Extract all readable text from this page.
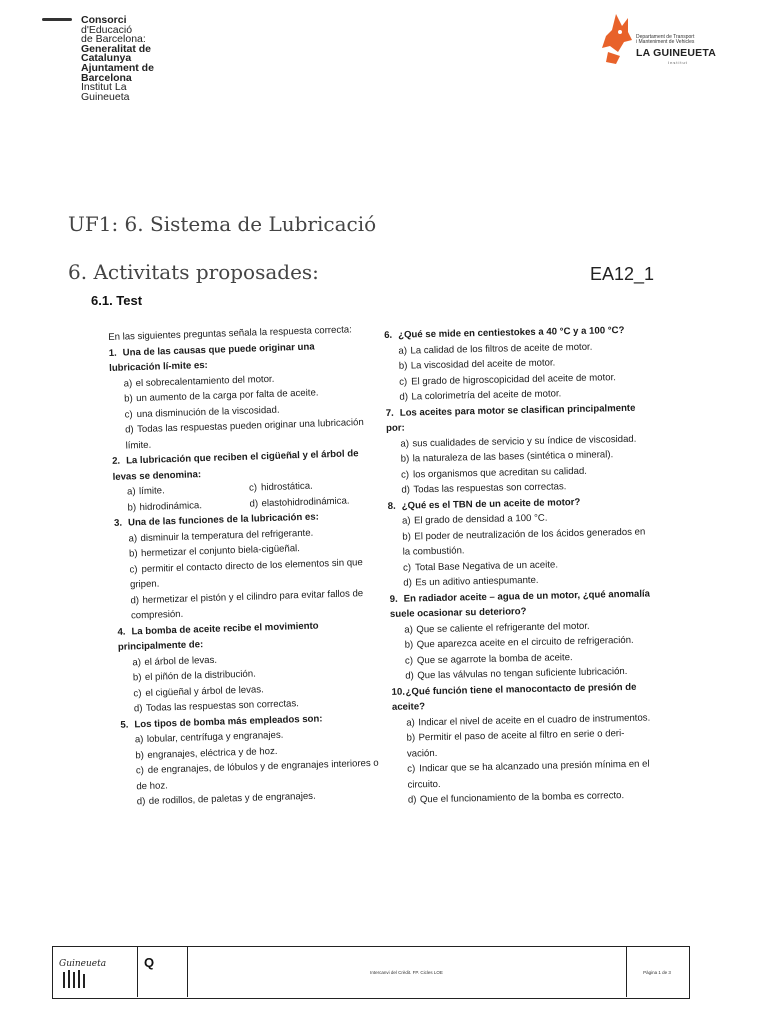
Consorci
d'Educació
de Barcelona:
Generalitat de
Catalunya
Ajuntament de
Barcelona
Institut La
Guineueta
Departament de Transport
i Manteniment de Vehicles
LA GUINEUETA
Institut
UF1: 6. Sistema de Lubricació
6. Activitats proposades:	EA12_1
6.1. Test
En las siguientes preguntas señala la respuesta correcta:
1. Una de las causas que puede originar una lubricación lí-mite es:
a) el sobrecalentamiento del motor.
b) un aumento de la carga por falta de aceite.
c) una disminución de la viscosidad.
d) Todas las respuestas pueden originar una lubricación límite.
2. La lubricación que reciben el cigüeñal y el árbol de levas se denomina:
a) límite.	c) hidrostática.
b) hidrodinámica.	d) elastohidrodinámica.
3. Una de las funciones de la lubricación es:
a) disminuir la temperatura del refrigerante.
b) hermetizar el conjunto biela-cigüeñal.
c) permitir el contacto directo de los elementos sin que gripen.
d) hermetizar el pistón y el cilindro para evitar fallos de compresión.
4. La bomba de aceite recibe el movimiento principalmente de:
a) el árbol de levas.
b) el piñón de la distribución.
c) el cigüeñal y árbol de levas.
d) Todas las respuestas son correctas.
5. Los tipos de bomba más empleados son:
a) lobular, centrífuga y engranajes.
b) engranajes, eléctrica y de hoz.
c) de engranajes, de lóbulos y de engranajes interiores o de hoz.
d) de rodillos, de paletas y de engranajes.
6. ¿Qué se mide en centiestokes a 40 °C y a 100 °C?
a) La calidad de los filtros de aceite de motor.
b) La viscosidad del aceite de motor.
c) El grado de higroscopicidad del aceite de motor.
d) La colorimetría del aceite de motor.
7. Los aceites para motor se clasifican principalmente por:
a) sus cualidades de servicio y su índice de viscosidad.
b) la naturaleza de las bases (sintética o mineral).
c) los organismos que acreditan su calidad.
d) Todas las respuestas son correctas.
8. ¿Qué es el TBN de un aceite de motor?
a) El grado de densidad a 100 °C.
b) El poder de neutralización de los ácidos generados en la combustión.
c) Total Base Negativa de un aceite.
d) Es un aditivo antiespumante.
9. En radiador aceite – agua de un motor, ¿qué anomalía suele ocasionar su deterioro?
a) Que se caliente el refrigerante del motor.
b) Que aparezca aceite en el circuito de refrigeración.
c) Que se agarrote la bomba de aceite.
d) Que las válvulas no tengan suficiente lubricación.
10.¿Qué función tiene el manocontacto de presión de aceite?
a) Indicar el nivel de aceite en el cuadro de instrumentos.
b) Permitir el paso de aceite al filtro en serie o deri-vación.
c) Indicar que se ha alcanzado una presión mínima en el circuito.
d) Que el funcionamiento de la bomba es correcto.
Guineueta	Q
Intercanvi del Crèdit. FP. Cicles LOE	Pàgina 1 de 3
